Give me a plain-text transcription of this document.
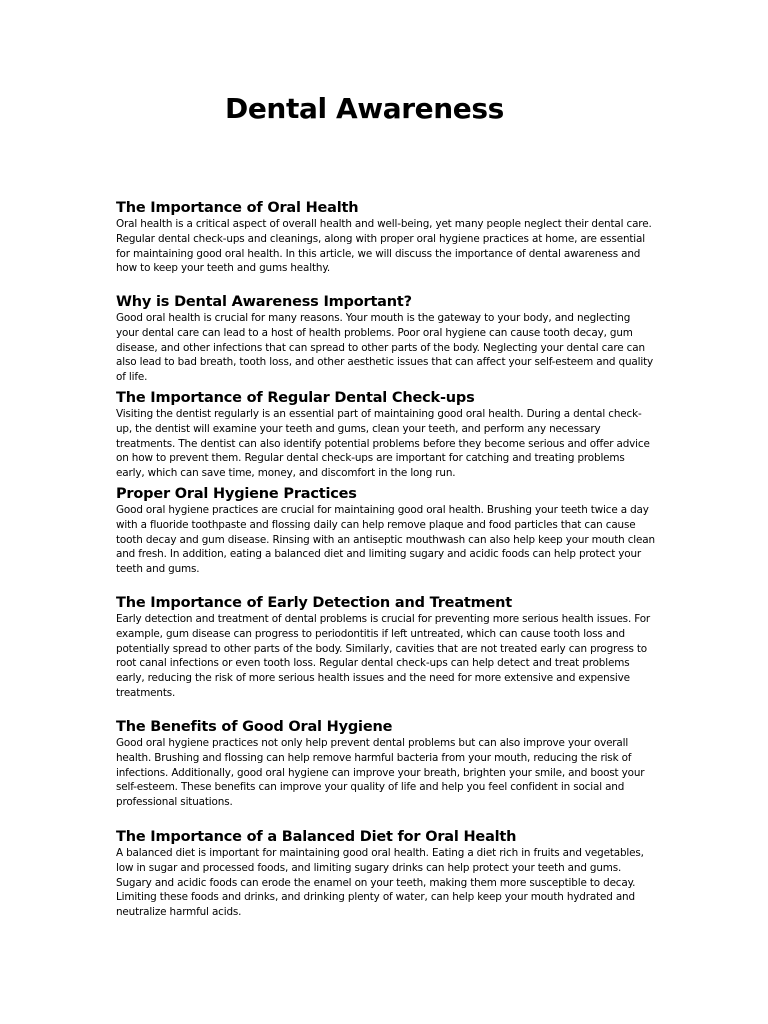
Dental Awareness
The Importance of Oral Health

Oral health is a critical aspect of overall health and well-being, yet many people neglect their dental care. Regular dental check-ups and cleanings, along with proper oral hygiene practices at home, are essential for maintaining good oral health. In this article, we will discuss the importance of dental awareness and how to keep your teeth and gums healthy.

Why is Dental Awareness Important?

Good oral health is crucial for many reasons. Your mouth is the gateway to your body, and neglecting your dental care can lead to a host of health problems. Poor oral hygiene can cause tooth decay, gum disease, and other infections that can spread to other parts of the body. Neglecting your dental care can also lead to bad breath, tooth loss, and other aesthetic issues that can affect your self-esteem and quality of life.

The Importance of Regular Dental Check-ups

Visiting the dentist regularly is an essential part of maintaining good oral health. During a dental check-up, the dentist will examine your teeth and gums, clean your teeth, and perform any necessary treatments. The dentist can also identify potential problems before they become serious and offer advice on how to prevent them. Regular dental check-ups are important for catching and treating problems early, which can save time, money, and discomfort in the long run.

Proper Oral Hygiene Practices

Good oral hygiene practices are crucial for maintaining good oral health. Brushing your teeth twice a day with a fluoride toothpaste and flossing daily can help remove plaque and food particles that can cause tooth decay and gum disease. Rinsing with an antiseptic mouthwash can also help keep your mouth clean and fresh. In addition, eating a balanced diet and limiting sugary and acidic foods can help protect your teeth and gums.

The Importance of Early Detection and Treatment

Early detection and treatment of dental problems is crucial for preventing more serious health issues. For example, gum disease can progress to periodontitis if left untreated, which can cause tooth loss and potentially spread to other parts of the body. Similarly, cavities that are not treated early can progress to root canal infections or even tooth loss. Regular dental check-ups can help detect and treat problems early, reducing the risk of more serious health issues and the need for more extensive and expensive treatments.

The Benefits of Good Oral Hygiene

Good oral hygiene practices not only help prevent dental problems but can also improve your overall health. Brushing and flossing can help remove harmful bacteria from your mouth, reducing the risk of infections. Additionally, good oral hygiene can improve your breath, brighten your smile, and boost your self-esteem. These benefits can improve your quality of life and help you feel confident in social and professional situations.

The Importance of a Balanced Diet for Oral Health

A balanced diet is important for maintaining good oral health. Eating a diet rich in fruits and vegetables, low in sugar and processed foods, and limiting sugary drinks can help protect your teeth and gums. Sugary and acidic foods can erode the enamel on your teeth, making them more susceptible to decay. Limiting these foods and drinks, and drinking plenty of water, can help keep your mouth hydrated and neutralize harmful acids.
